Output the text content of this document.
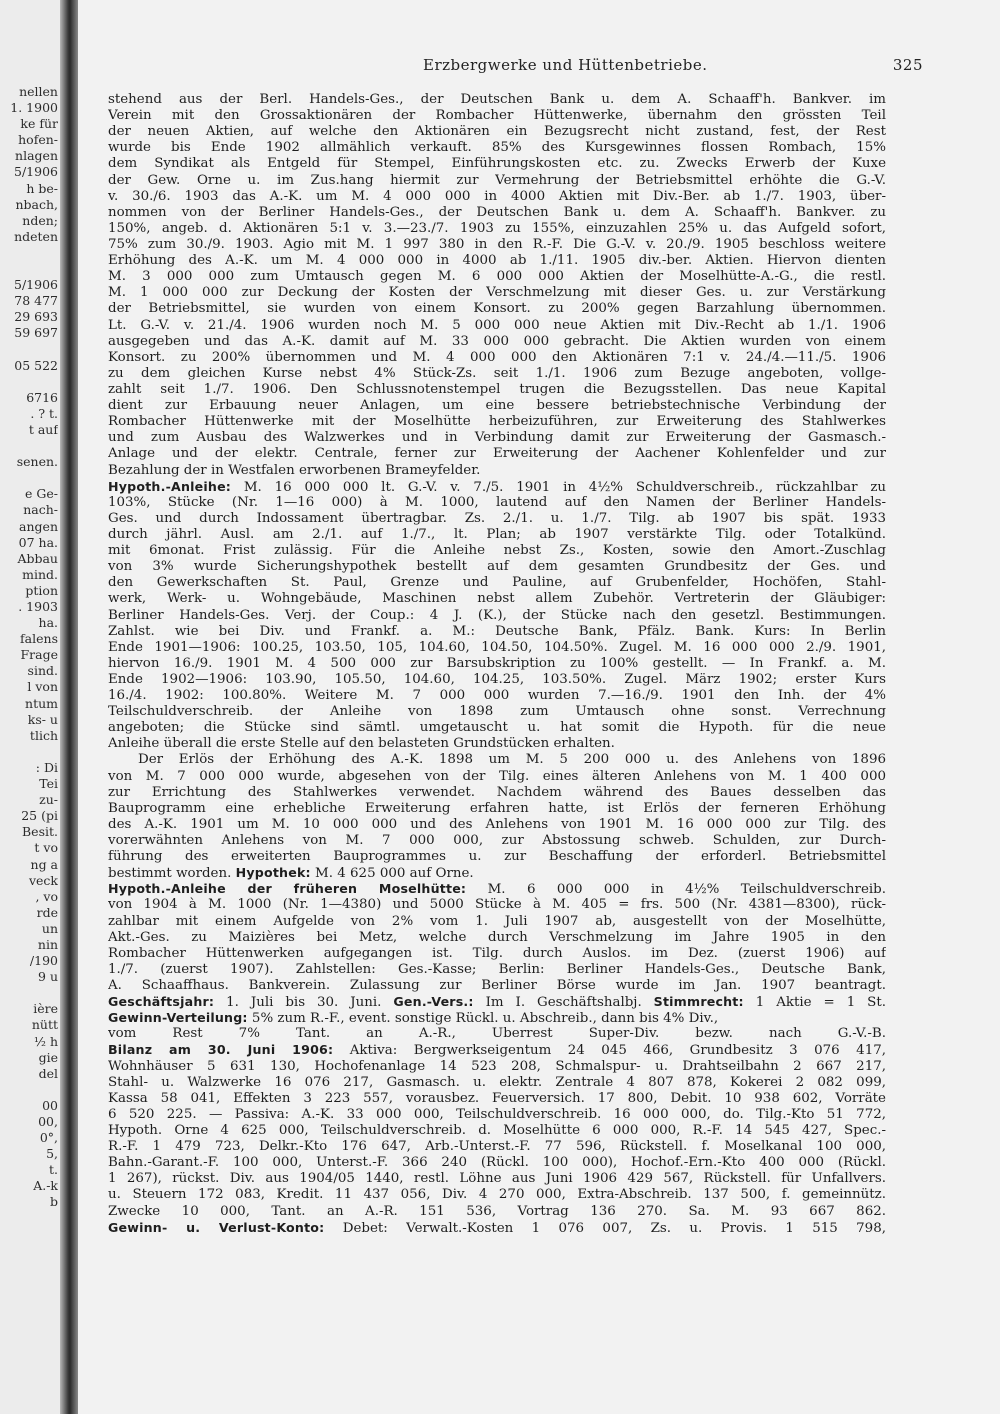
nellen
1. 1900
ke für
hofen-
nlagen
5/1906
h be-
nbach,
nden;
ndeten
5/1906
78 477
29 693
59 697
05 522
6716
. ? t.
t auf
senen.
e Ge-
nach-
angen
07 ha.
Abbau
mind.
ption
. 1903
ha.
falens
Frage
sind.
l von
ntum
ks- u
tlich
: Di
Tei
zu-
25 (pi
Besit.
t vo
ng a
veck
, vo
rde
un
nin
/190
9 u
ière
nütt
½ h
gie
del
00
00,
0°,
5,
t.
A.-k
b
Erzbergwerke und Hüttenbetriebe.	325
stehend aus der Berl. Handels-Ges., der Deutschen Bank u. dem A. Schaaff'h. Bankver. im
Verein mit den Grossaktionären der Rombacher Hüttenwerke, übernahm den grössten Teil
der neuen Aktien, auf welche den Aktionären ein Bezugsrecht nicht zustand, fest, der Rest
wurde bis Ende 1902 allmählich verkauft. 85% des Kursgewinnes flossen Rombach, 15%
dem Syndikat als Entgeld für Stempel, Einführungskosten etc. zu. Zwecks Erwerb der Kuxe
der Gew. Orne u. im Zus.hang hiermit zur Vermehrung der Betriebsmittel erhöhte die G.-V.
v. 30./6. 1903 das A.-K. um M. 4 000 000 in 4000 Aktien mit Div.-Ber. ab 1./7. 1903, über-
nommen von der Berliner Handels-Ges., der Deutschen Bank u. dem A. Schaaff'h. Bankver. zu
150%, angeb. d. Aktionären 5:1 v. 3.—23./7. 1903 zu 155%, einzuzahlen 25% u. das Aufgeld sofort,
75% zum 30./9. 1903. Agio mit M. 1 997 380 in den R.-F. Die G.-V. v. 20./9. 1905 beschloss weitere
Erhöhung des A.-K. um M. 4 000 000 in 4000 ab 1./11. 1905 div.-ber. Aktien. Hiervon dienten
M. 3 000 000 zum Umtausch gegen M. 6 000 000 Aktien der Moselhütte-A.-G., die restl.
M. 1 000 000 zur Deckung der Kosten der Verschmelzung mit dieser Ges. u. zur Verstärkung
der Betriebsmittel, sie wurden von einem Konsort. zu 200% gegen Barzahlung übernommen.
Lt. G.-V. v. 21./4. 1906 wurden noch M. 5 000 000 neue Aktien mit Div.-Recht ab 1./1. 1906
ausgegeben und das A.-K. damit auf M. 33 000 000 gebracht. Die Aktien wurden von einem
Konsort. zu 200% übernommen und M. 4 000 000 den Aktionären 7:1 v. 24./4.—11./5. 1906
zu dem gleichen Kurse nebst 4% Stück-Zs. seit 1./1. 1906 zum Bezuge angeboten, vollge-
zahlt seit 1./7. 1906. Den Schlussnotenstempel trugen die Bezugsstellen. Das neue Kapital
dient zur Erbauung neuer Anlagen, um eine bessere betriebstechnische Verbindung der
Rombacher Hüttenwerke mit der Moselhütte herbeizuführen, zur Erweiterung des Stahlwerkes
und zum Ausbau des Walzwerkes und in Verbindung damit zur Erweiterung der Gasmasch.-
Anlage und der elektr. Centrale, ferner zur Erweiterung der Aachener Kohlenfelder und zur
Bezahlung der in Westfalen erworbenen Brameyfelder.
Hypoth.-Anleihe: M. 16 000 000 lt. G.-V. v. 7./5. 1901 in 4½% Schuldverschreib., rückzahlbar zu
103%, Stücke (Nr. 1—16 000) à M. 1000, lautend auf den Namen der Berliner Handels-
Ges. und durch Indossament übertragbar. Zs. 2./1. u. 1./7. Tilg. ab 1907 bis spät. 1933
durch jährl. Ausl. am 2./1. auf 1./7., lt. Plan; ab 1907 verstärkte Tilg. oder Totalkünd.
mit 6monat. Frist zulässig. Für die Anleihe nebst Zs., Kosten, sowie den Amort.-Zuschlag
von 3% wurde Sicherungshypothek bestellt auf dem gesamten Grundbesitz der Ges. und
den Gewerkschaften St. Paul, Grenze und Pauline, auf Grubenfelder, Hochöfen, Stahl-
werk, Werk- u. Wohngebäude, Maschinen nebst allem Zubehör. Vertreterin der Gläubiger:
Berliner Handels-Ges. Verj. der Coup.: 4 J. (K.), der Stücke nach den gesetzl. Bestimmungen.
Zahlst. wie bei Div. und Frankf. a. M.: Deutsche Bank, Pfälz. Bank. Kurs: In Berlin
Ende 1901—1906: 100.25, 103.50, 105, 104.60, 104.50, 104.50%. Zugel. M. 16 000 000 2./9. 1901,
hiervon 16./9. 1901 M. 4 500 000 zur Barsubskription zu 100% gestellt. — In Frankf. a. M.
Ende 1902—1906: 103.90, 105.50, 104.60, 104.25, 103.50%. Zugel. März 1902; erster Kurs
16./4. 1902: 100.80%. Weitere M. 7 000 000 wurden 7.—16./9. 1901 den Inh. der 4%
Teilschuldverschreib. der Anleihe von 1898 zum Umtausch ohne sonst. Verrechnung
angeboten; die Stücke sind sämtl. umgetauscht u. hat somit die Hypoth. für die neue
Anleihe überall die erste Stelle auf den belasteten Grundstücken erhalten.
Der Erlös der Erhöhung des A.-K. 1898 um M. 5 200 000 u. des Anlehens von 1896
von M. 7 000 000 wurde, abgesehen von der Tilg. eines älteren Anlehens von M. 1 400 000
zur Errichtung des Stahlwerkes verwendet. Nachdem während des Baues desselben das
Bauprogramm eine erhebliche Erweiterung erfahren hatte, ist Erlös der ferneren Erhöhung
des A.-K. 1901 um M. 10 000 000 und des Anlehens von 1901 M. 16 000 000 zur Tilg. des
vorerwähnten Anlehens von M. 7 000 000, zur Abstossung schweb. Schulden, zur Durch-
führung des erweiterten Bauprogrammes u. zur Beschaffung der erforderl. Betriebsmittel
bestimmt worden. Hypothek: M. 4 625 000 auf Orne.
Hypoth.-Anleihe der früheren Moselhütte: M. 6 000 000 in 4½% Teilschuldverschreib.
von 1904 à M. 1000 (Nr. 1—4380) und 5000 Stücke à M. 405 = frs. 500 (Nr. 4381—8300), rück-
zahlbar mit einem Aufgelde von 2% vom 1. Juli 1907 ab, ausgestellt von der Moselhütte,
Akt.-Ges. zu Maizières bei Metz, welche durch Verschmelzung im Jahre 1905 in den
Rombacher Hüttenwerken aufgegangen ist. Tilg. durch Auslos. im Dez. (zuerst 1906) auf
1./7. (zuerst 1907). Zahlstellen: Ges.-Kasse; Berlin: Berliner Handels-Ges., Deutsche Bank,
A. Schaaffhaus. Bankverein. Zulassung zur Berliner Börse wurde im Jan. 1907 beantragt.
Geschäftsjahr: 1. Juli bis 30. Juni. Gen.-Vers.: Im I. Geschäftshalbj. Stimmrecht: 1 Aktie = 1 St.
Gewinn-Verteilung: 5% zum R.-F., event. sonstige Rückl. u. Abschreib., dann bis 4% Div.,
vom Rest 7% Tant. an A.-R., Überrest Super-Div. bezw. nach G.-V.-B.
Bilanz am 30. Juni 1906: Aktiva: Bergwerkseigentum 24 045 466, Grundbesitz 3 076 417,
Wohnhäuser 5 631 130, Hochofenanlage 14 523 208, Schmalspur- u. Drahtseilbahn 2 667 217,
Stahl- u. Walzwerke 16 076 217, Gasmasch. u. elektr. Zentrale 4 807 878, Kokerei 2 082 099,
Kassa 58 041, Effekten 3 223 557, vorausbez. Feuerversich. 17 800, Debit. 10 938 602, Vorräte
6 520 225. — Passiva: A.-K. 33 000 000, Teilschuldverschreib. 16 000 000, do. Tilg.-Kto 51 772,
Hypoth. Orne 4 625 000, Teilschuldverschreib. d. Moselhütte 6 000 000, R.-F. 14 545 427, Spec.-
R.-F. 1 479 723, Delkr.-Kto 176 647, Arb.-Unterst.-F. 77 596, Rückstell. f. Moselkanal 100 000,
Bahn.-Garant.-F. 100 000, Unterst.-F. 366 240 (Rückl. 100 000), Hochof.-Ern.-Kto 400 000 (Rückl.
1 267), rückst. Div. aus 1904/05 1440, restl. Löhne aus Juni 1906 429 567, Rückstell. für Unfallvers.
u. Steuern 172 083, Kredit. 11 437 056, Div. 4 270 000, Extra-Abschreib. 137 500, f. gemeinnütz.
Zwecke 10 000, Tant. an A.-R. 151 536, Vortrag 136 270. Sa. M. 93 667 862.
Gewinn- u. Verlust-Konto: Debet: Verwalt.-Kosten 1 076 007, Zs. u. Provis. 1 515 798,
